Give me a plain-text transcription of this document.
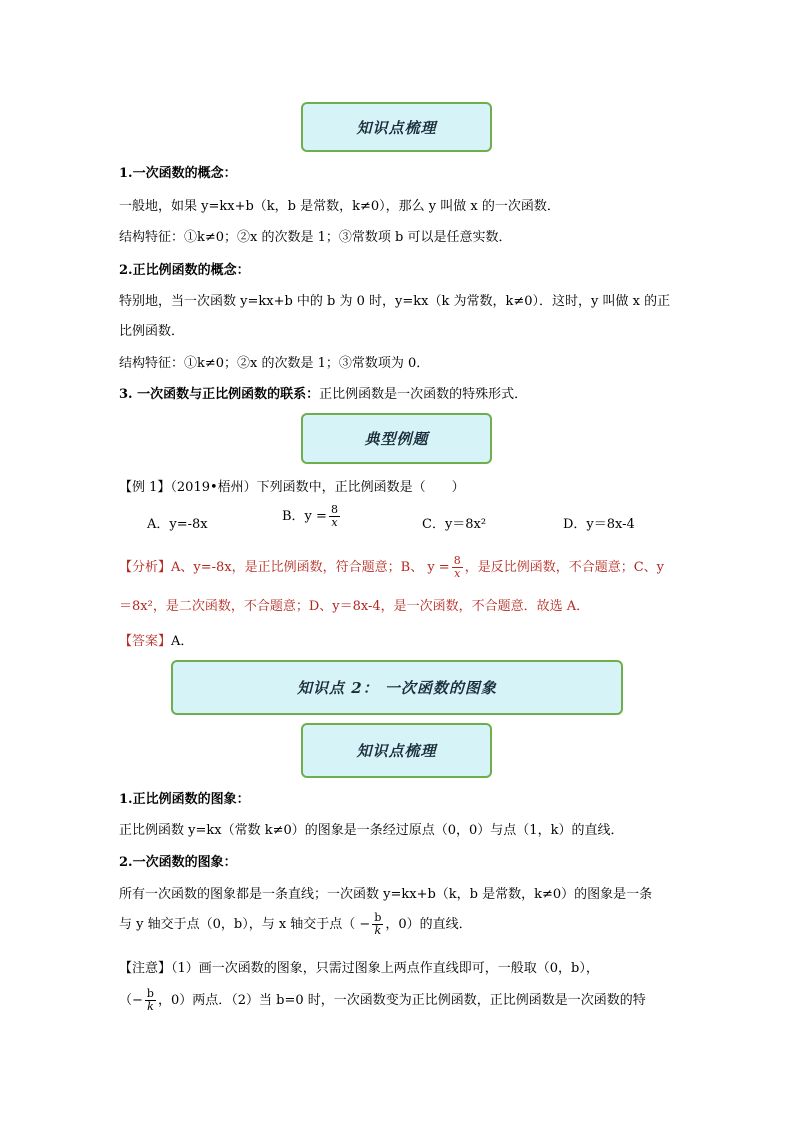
知识点梳理
1.一次函数的概念：
一般地，如果 y=kx+b（k，b 是常数，k≠0），那么 y 叫做 x 的一次函数．
结构特征：①k≠0；②x 的次数是 1；③常数项 b 可以是任意实数．
2.正比例函数的概念：
特别地，当一次函数 y=kx+b 中的 b 为 0 时，y=kx（k 为常数，k≠0）．这时，y 叫做 x 的正
比例函数．
结构特征：①k≠0；②x 的次数是 1；③常数项为 0．
3. 一次函数与正比例函数的联系：正比例函数是一次函数的特殊形式．
典型例题
【例 1】（2019•梧州）下列函数中，正比例函数是（　　）
A．y=-8x
B．$y = \frac{8}{x}$	C．y＝8x²	D．y＝8x-4
【分析】A、y=-8x，是正比例函数，符合题意；B、 $y = \frac{8}{x}$ ，是反比例函数，不合题意；C、y
＝8x²，是二次函数，不合题意；D、y＝8x-4，是一次函数，不合题意．故选 A．
【答案】A．
知识点 2： 一次函数的图象
知识点梳理
1.正比例函数的图象：
正比例函数 y=kx（常数 k≠0）的图象是一条经过原点（0，0）与点（1，k）的直线．
2.一次函数的图象：
所有一次函数的图象都是一条直线；一次函数 y=kx+b（k，b 是常数，k≠0）的图象是一条
与 y 轴交于点（0，b），与 x 轴交于点（ − $\frac{b}{k}$ ，0）的直线．
【注意】（1）画一次函数的图象，只需过图象上两点作直线即可，一般取（0，b），
（− $\frac{b}{k}$ ，0）两点．（2）当 b=0 时，一次函数变为正比例函数，正比例函数是一次函数的特
